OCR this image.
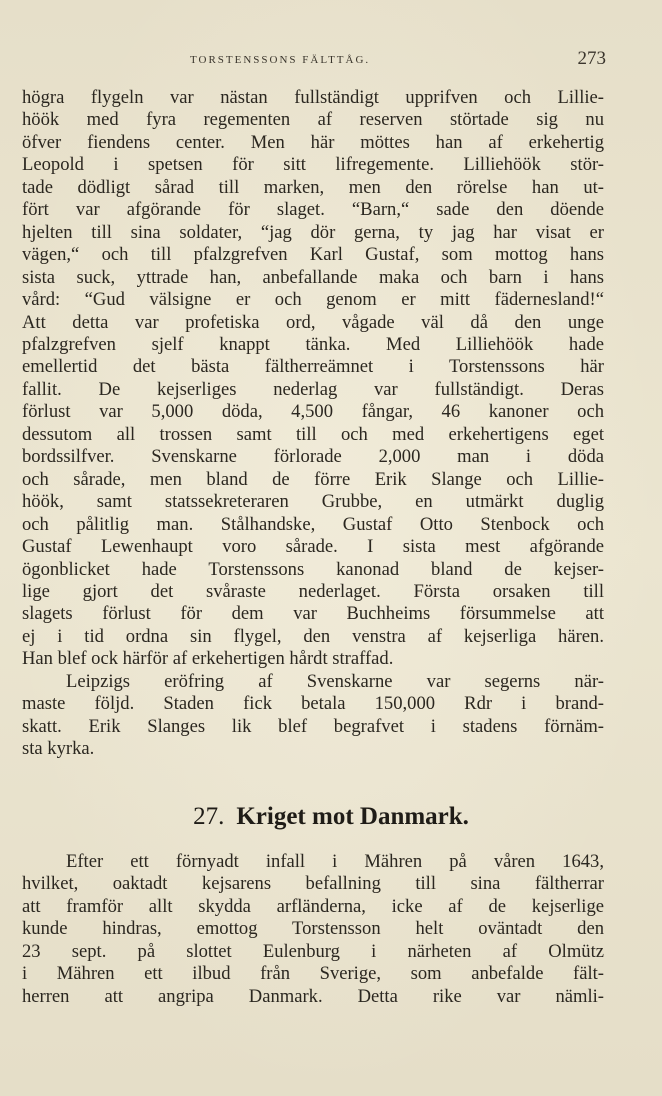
TORSTENSSONS FÄLTTÅG.	273
högra flygeln var nästan fullständigt upprifven och Lillie-
höök med fyra regementen af reserven störtade sig nu
öfver fiendens center. Men här möttes han af erkehertig
Leopold i spetsen för sitt lifregemente. Lilliehöök stör-
tade dödligt sårad till marken, men den rörelse han ut-
fört var afgörande för slaget. “Barn,“ sade den döende
hjelten till sina soldater, “jag dör gerna, ty jag har visat er
vägen,“ och till pfalzgrefven Karl Gustaf, som mottog hans
sista suck, yttrade han, anbefallande maka och barn i hans
vård: “Gud välsigne er och genom er mitt fädernesland!“
Att detta var profetiska ord, vågade väl då den unge
pfalzgrefven sjelf knappt tänka. Med Lilliehöök hade
emellertid det bästa fältherreämnet i Torstenssons här
fallit. De kejserliges nederlag var fullständigt. Deras
förlust var 5,000 döda, 4,500 fångar, 46 kanoner och
dessutom all trossen samt till och med erkehertigens eget
bordssilfver. Svenskarne förlorade 2,000 man i döda
och sårade, men bland de förre Erik Slange och Lillie-
höök, samt statssekreteraren Grubbe, en utmärkt duglig
och pålitlig man. Stålhandske, Gustaf Otto Stenbock och
Gustaf Lewenhaupt voro sårade. I sista mest afgörande
ögonblicket hade Torstenssons kanonad bland de kejser-
lige gjort det svåraste nederlaget. Första orsaken till
slagets förlust för dem var Buchheims försummelse att
ej i tid ordna sin flygel, den venstra af kejserliga hären.
Han blef ock härför af erkehertigen hårdt straffad.
Leipzigs eröfring af Svenskarne var segerns när-
maste följd. Staden fick betala 150,000 Rdr i brand-
skatt. Erik Slanges lik blef begrafvet i stadens förnäm-
sta kyrka.
27. Kriget mot Danmark.
Efter ett förnyadt infall i Mähren på våren 1643,
hvilket, oaktadt kejsarens befallning till sina fältherrar
att framför allt skydda arfländerna, icke af de kejserlige
kunde hindras, emottog Torstensson helt oväntadt den
23 sept. på slottet Eulenburg i närheten af Olmütz
i Mähren ett ilbud från Sverige, som anbefalde fält-
herren att angripa Danmark. Detta rike var nämli-
